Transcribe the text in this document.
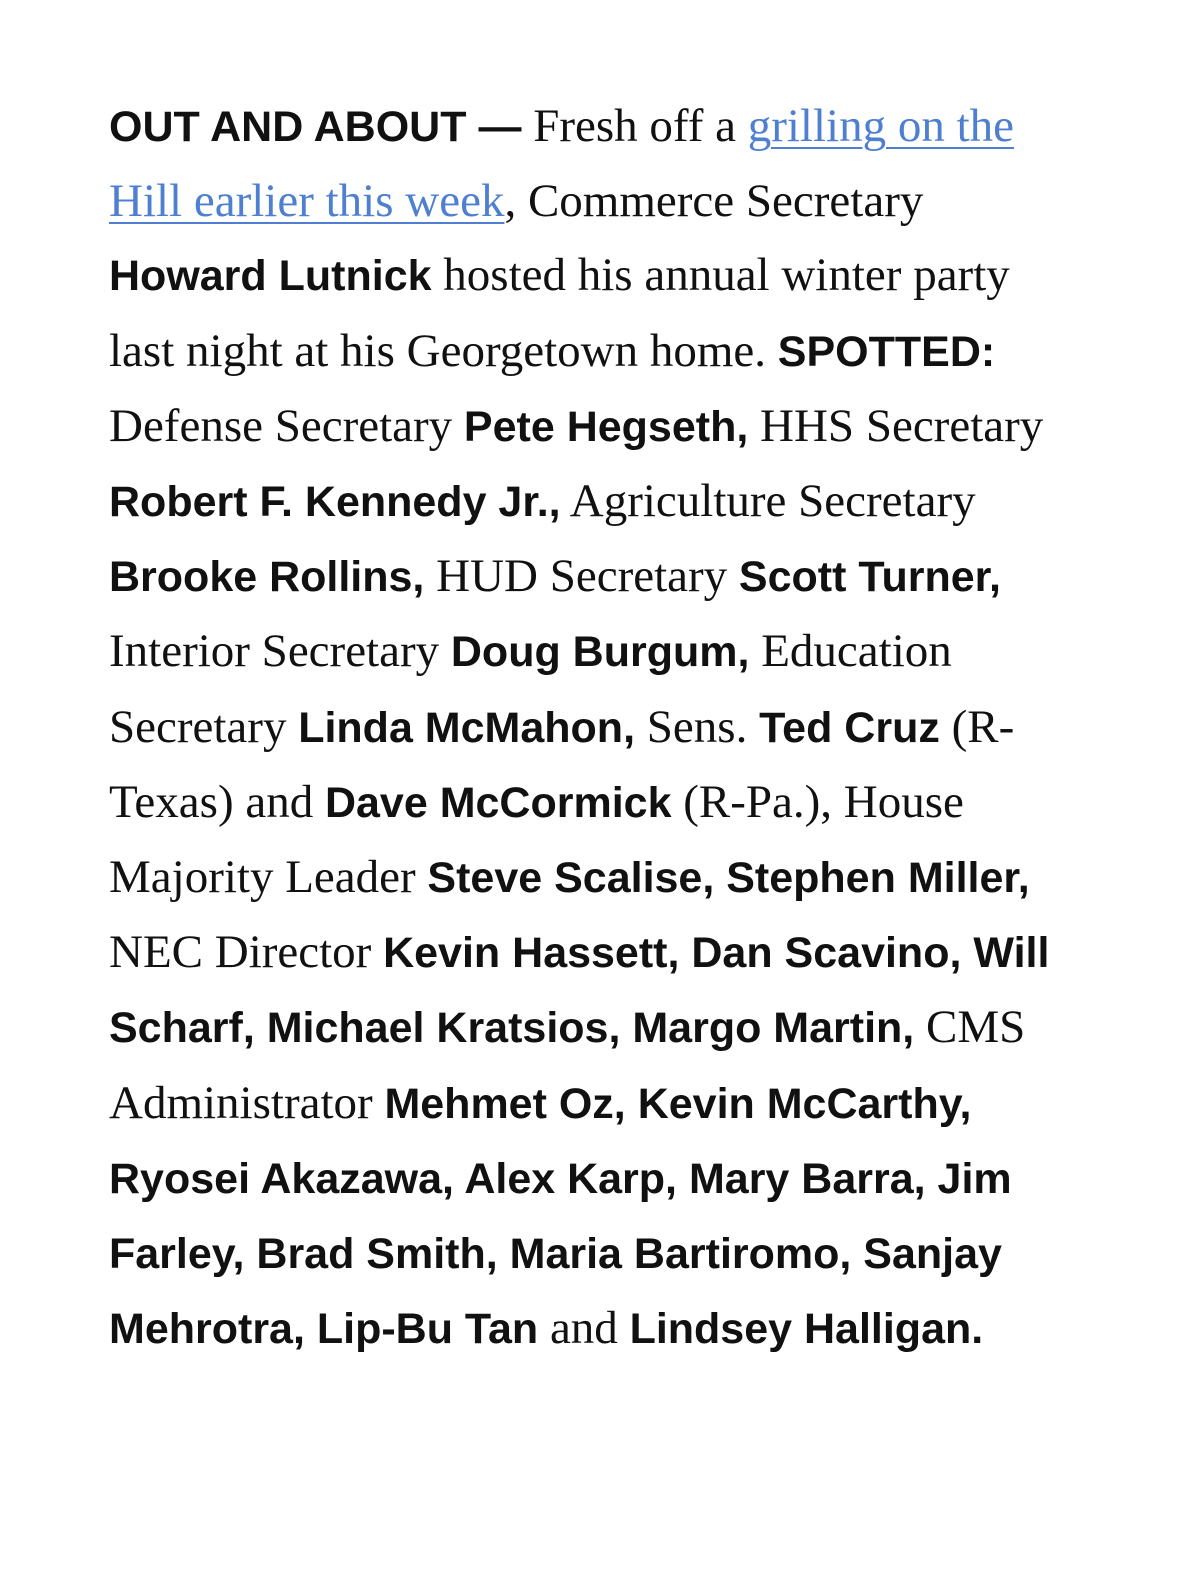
OUT AND ABOUT — Fresh off a grilling on the Hill earlier this week, Commerce Secretary Howard Lutnick hosted his annual winter party last night at his Georgetown home. SPOTTED: Defense Secretary Pete Hegseth, HHS Secretary Robert F. Kennedy Jr., Agriculture Secretary Brooke Rollins, HUD Secretary Scott Turner, Interior Secretary Doug Burgum, Education Secretary Linda McMahon, Sens. Ted Cruz (R-Texas) and Dave McCormick (R-Pa.), House Majority Leader Steve Scalise, Stephen Miller, NEC Director Kevin Hassett, Dan Scavino, Will Scharf, Michael Kratsios, Margo Martin, CMS Administrator Mehmet Oz, Kevin McCarthy, Ryosei Akazawa, Alex Karp, Mary Barra, Jim Farley, Brad Smith, Maria Bartiromo, Sanjay Mehrotra, Lip-Bu Tan and Lindsey Halligan.
